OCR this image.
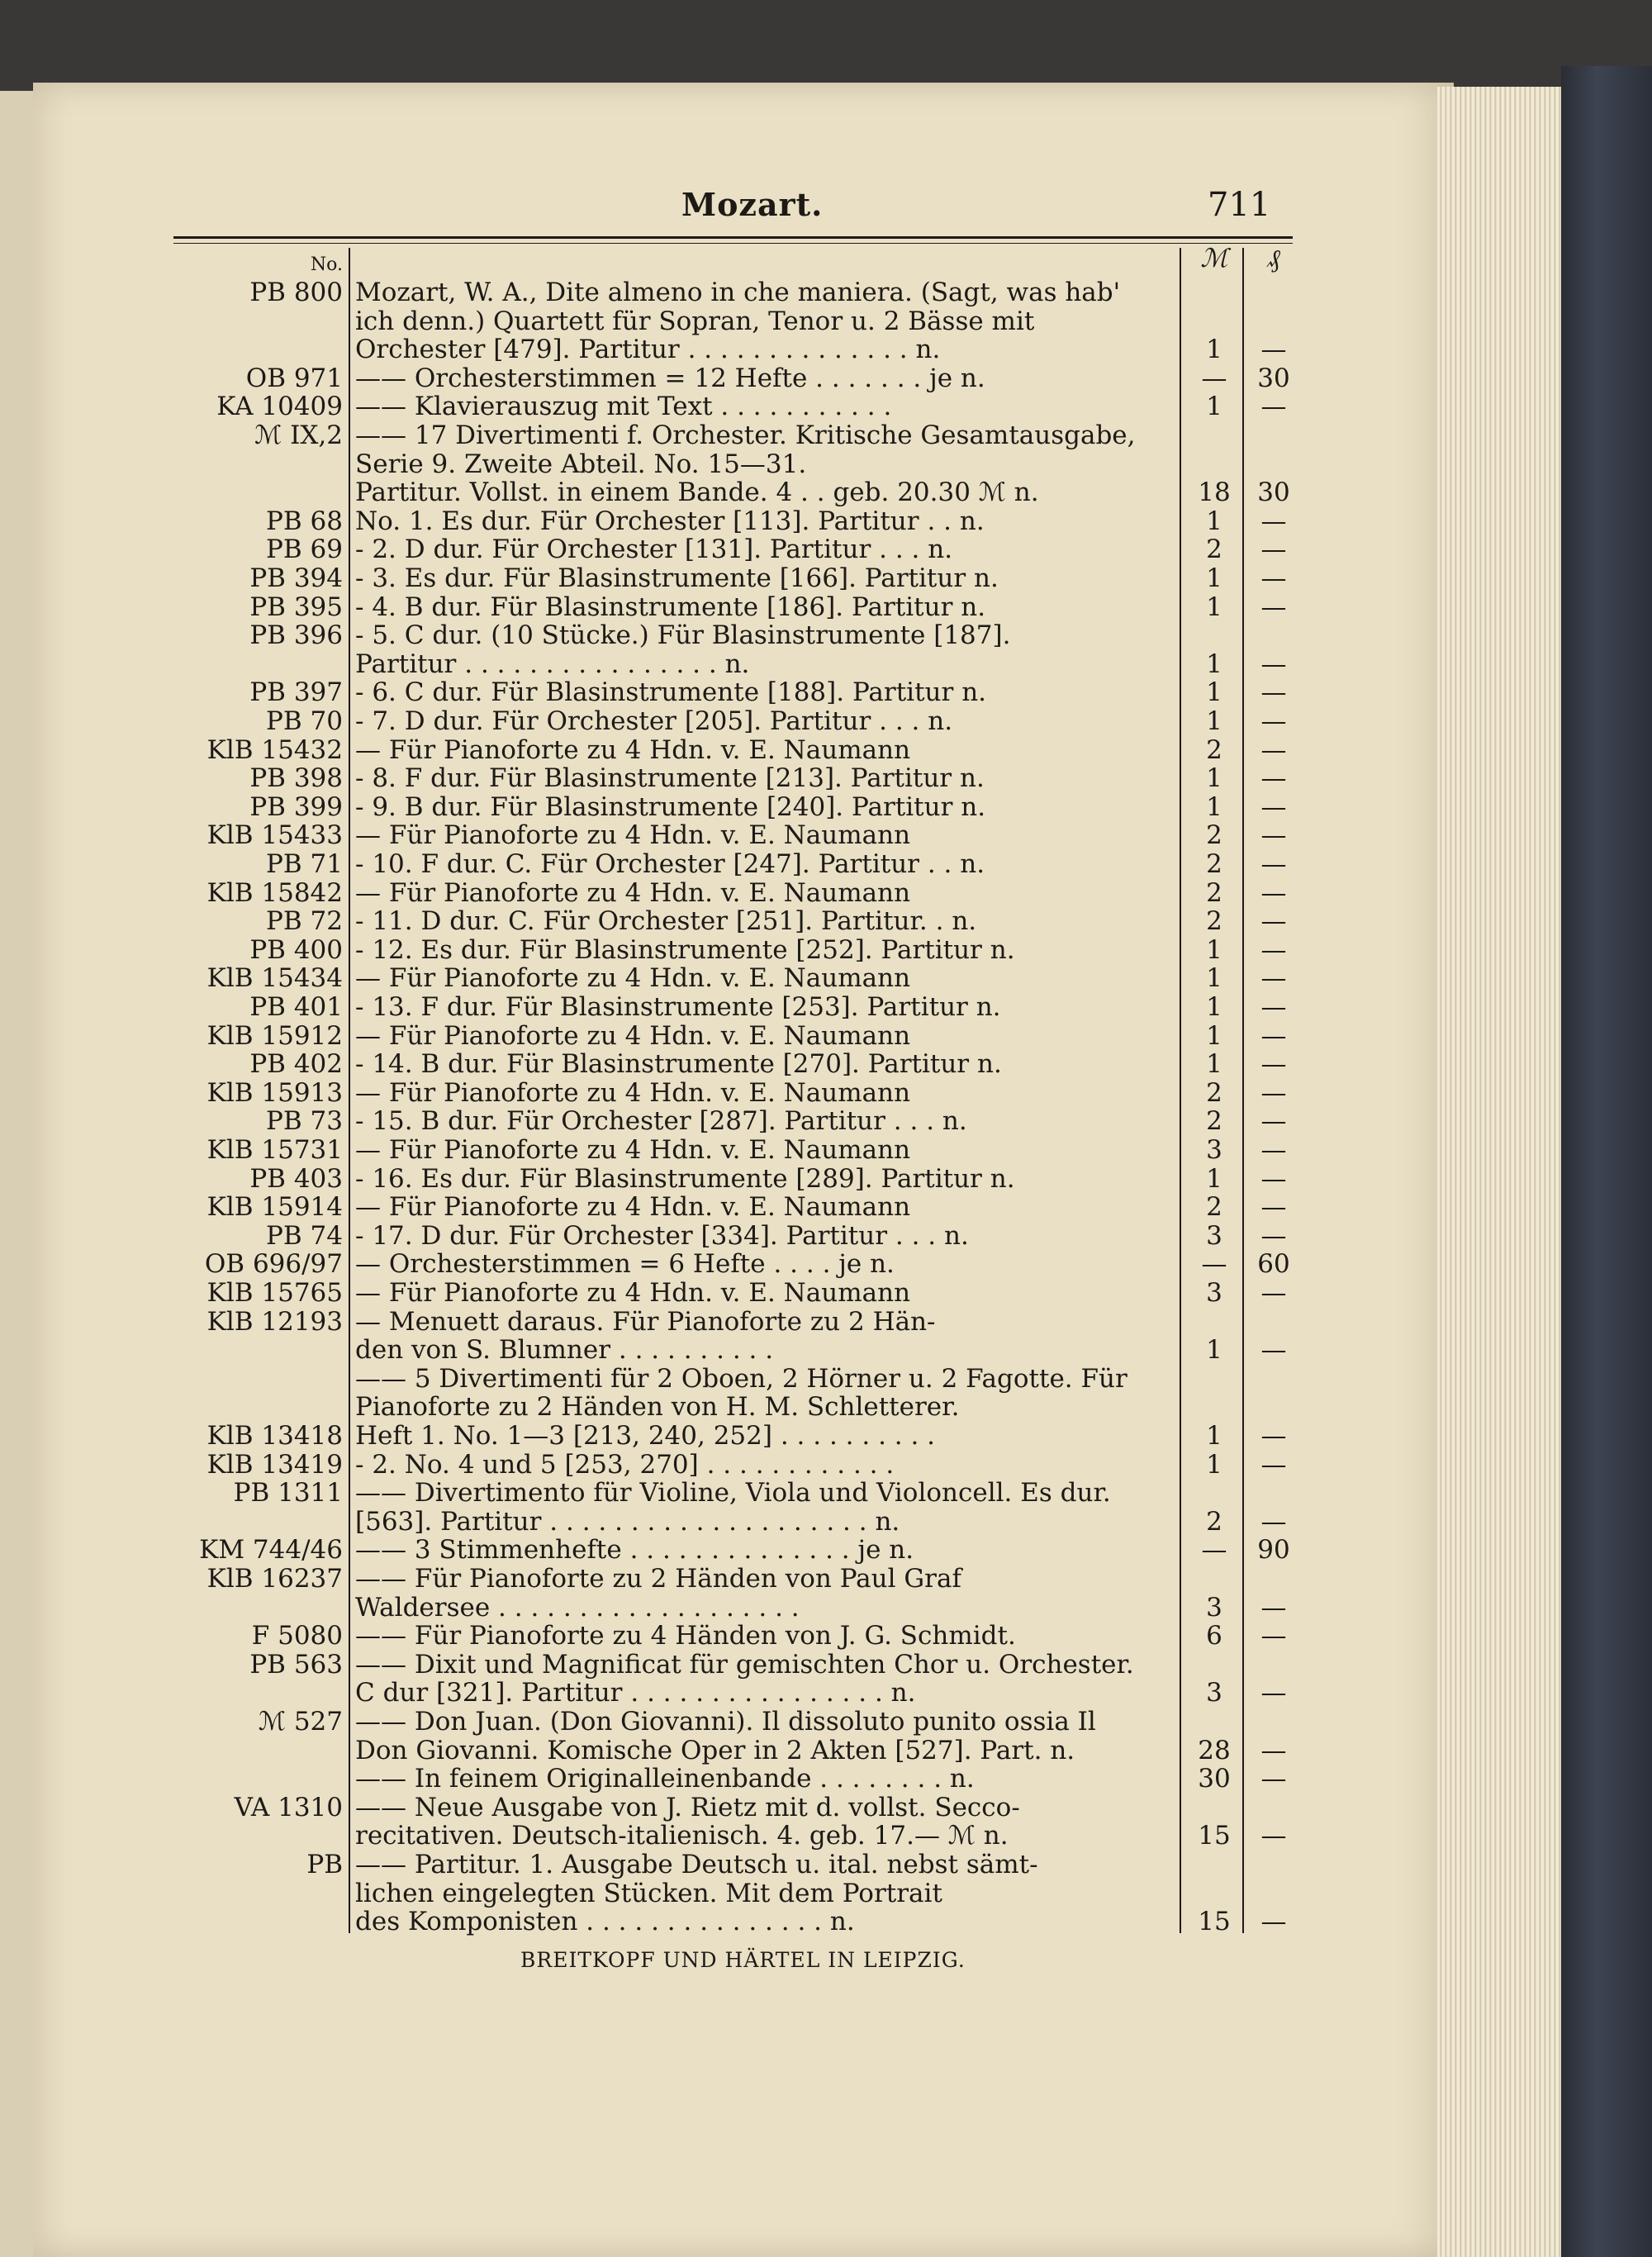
Mozart.	711
No.	ℳ	₰
PB 800 Mozart, W. A., Dite almeno in che maniera. (Sagt, was hab'
ich denn.) Quartett für Sopran, Tenor u. 2 Bässe mit
Orchester [479]. Partitur . . . . . . . . . . . . . . n.	1	—
OB 971 —— Orchesterstimmen = 12 Hefte . . . . . . . je n.	—	30
KA 10409 —— Klavierauszug mit Text . . . . . . . . . . .	1	—
ℳ IX,2 —— 17 Divertimenti f. Orchester. Kritische Gesamtausgabe,
Serie 9. Zweite Abteil. No. 15—31.
Partitur. Vollst. in einem Bande. 4 . . geb. 20.30 ℳ n.	18	30
PB 68 No. 1. Es dur. Für Orchester [113]. Partitur . . n.	1	—
PB 69 - 2. D dur. Für Orchester [131]. Partitur . . . n.	2	—
PB 394 - 3. Es dur. Für Blasinstrumente [166]. Partitur n.	1	—
PB 395 - 4. B dur. Für Blasinstrumente [186]. Partitur n.	1	—
PB 396 - 5. C dur. (10 Stücke.) Für Blasinstrumente [187].
Partitur . . . . . . . . . . . . . . . . n.	1	—
PB 397 - 6. C dur. Für Blasinstrumente [188]. Partitur n.	1	—
PB 70 - 7. D dur. Für Orchester [205]. Partitur . . . n.	1	—
KlB 15432 — Für Pianoforte zu 4 Hdn. v. E. Naumann	2	—
PB 398 - 8. F dur. Für Blasinstrumente [213]. Partitur n.	1	—
PB 399 - 9. B dur. Für Blasinstrumente [240]. Partitur n.	1	—
KlB 15433 — Für Pianoforte zu 4 Hdn. v. E. Naumann	2	—
PB 71 - 10. F dur. C. Für Orchester [247]. Partitur . . n.	2	—
KlB 15842 — Für Pianoforte zu 4 Hdn. v. E. Naumann	2	—
PB 72 - 11. D dur. C. Für Orchester [251]. Partitur. . n.	2	—
PB 400 - 12. Es dur. Für Blasinstrumente [252]. Partitur n.	1	—
KlB 15434 — Für Pianoforte zu 4 Hdn. v. E. Naumann	1	—
PB 401 - 13. F dur. Für Blasinstrumente [253]. Partitur n.	1	—
KlB 15912 — Für Pianoforte zu 4 Hdn. v. E. Naumann	1	—
PB 402 - 14. B dur. Für Blasinstrumente [270]. Partitur n.	1	—
KlB 15913 — Für Pianoforte zu 4 Hdn. v. E. Naumann	2	—
PB 73 - 15. B dur. Für Orchester [287]. Partitur . . . n.	2	—
KlB 15731 — Für Pianoforte zu 4 Hdn. v. E. Naumann	3	—
PB 403 - 16. Es dur. Für Blasinstrumente [289]. Partitur n.	1	—
KlB 15914 — Für Pianoforte zu 4 Hdn. v. E. Naumann	2	—
PB 74 - 17. D dur. Für Orchester [334]. Partitur . . . n.	3	—
OB 696/97 — Orchesterstimmen = 6 Hefte . . . . je n.	—	60
KlB 15765 — Für Pianoforte zu 4 Hdn. v. E. Naumann	3	—
KlB 12193 — Menuett daraus. Für Pianoforte zu 2 Hän-
den von S. Blumner . . . . . . . . . .	1	—
—— 5 Divertimenti für 2 Oboen, 2 Hörner u. 2 Fagotte. Für
Pianoforte zu 2 Händen von H. M. Schletterer.
KlB 13418 Heft 1. No. 1—3 [213, 240, 252] . . . . . . . . . .	1	—
KlB 13419 - 2. No. 4 und 5 [253, 270] . . . . . . . . . . . .	1	—
PB 1311 —— Divertimento für Violine, Viola und Violoncell. Es dur.
[563]. Partitur . . . . . . . . . . . . . . . . . . . . n.	2	—
KM 744/46 —— 3 Stimmenhefte . . . . . . . . . . . . . . je n.	—	90
KlB 16237 —— Für Pianoforte zu 2 Händen von Paul Graf
Waldersee . . . . . . . . . . . . . . . . . . .	3	—
F 5080 —— Für Pianoforte zu 4 Händen von J. G. Schmidt.	6	—
PB 563 —— Dixit und Magnificat für gemischten Chor u. Orchester.
C dur [321]. Partitur . . . . . . . . . . . . . . . . n.	3	—
ℳ 527 —— Don Juan. (Don Giovanni). Il dissoluto punito ossia Il
Don Giovanni. Komische Oper in 2 Akten [527]. Part. n.	28	—
—— In feinem Originalleinenbande . . . . . . . . n.	30	—
VA 1310 —— Neue Ausgabe von J. Rietz mit d. vollst. Secco-
recitativen. Deutsch-italienisch. 4. geb. 17.— ℳ n.	15	—
PB —— Partitur. 1. Ausgabe Deutsch u. ital. nebst sämt-
lichen eingelegten Stücken. Mit dem Portrait
des Komponisten . . . . . . . . . . . . . . . n.	15	—
BREITKOPF UND HÄRTEL IN LEIPZIG.
